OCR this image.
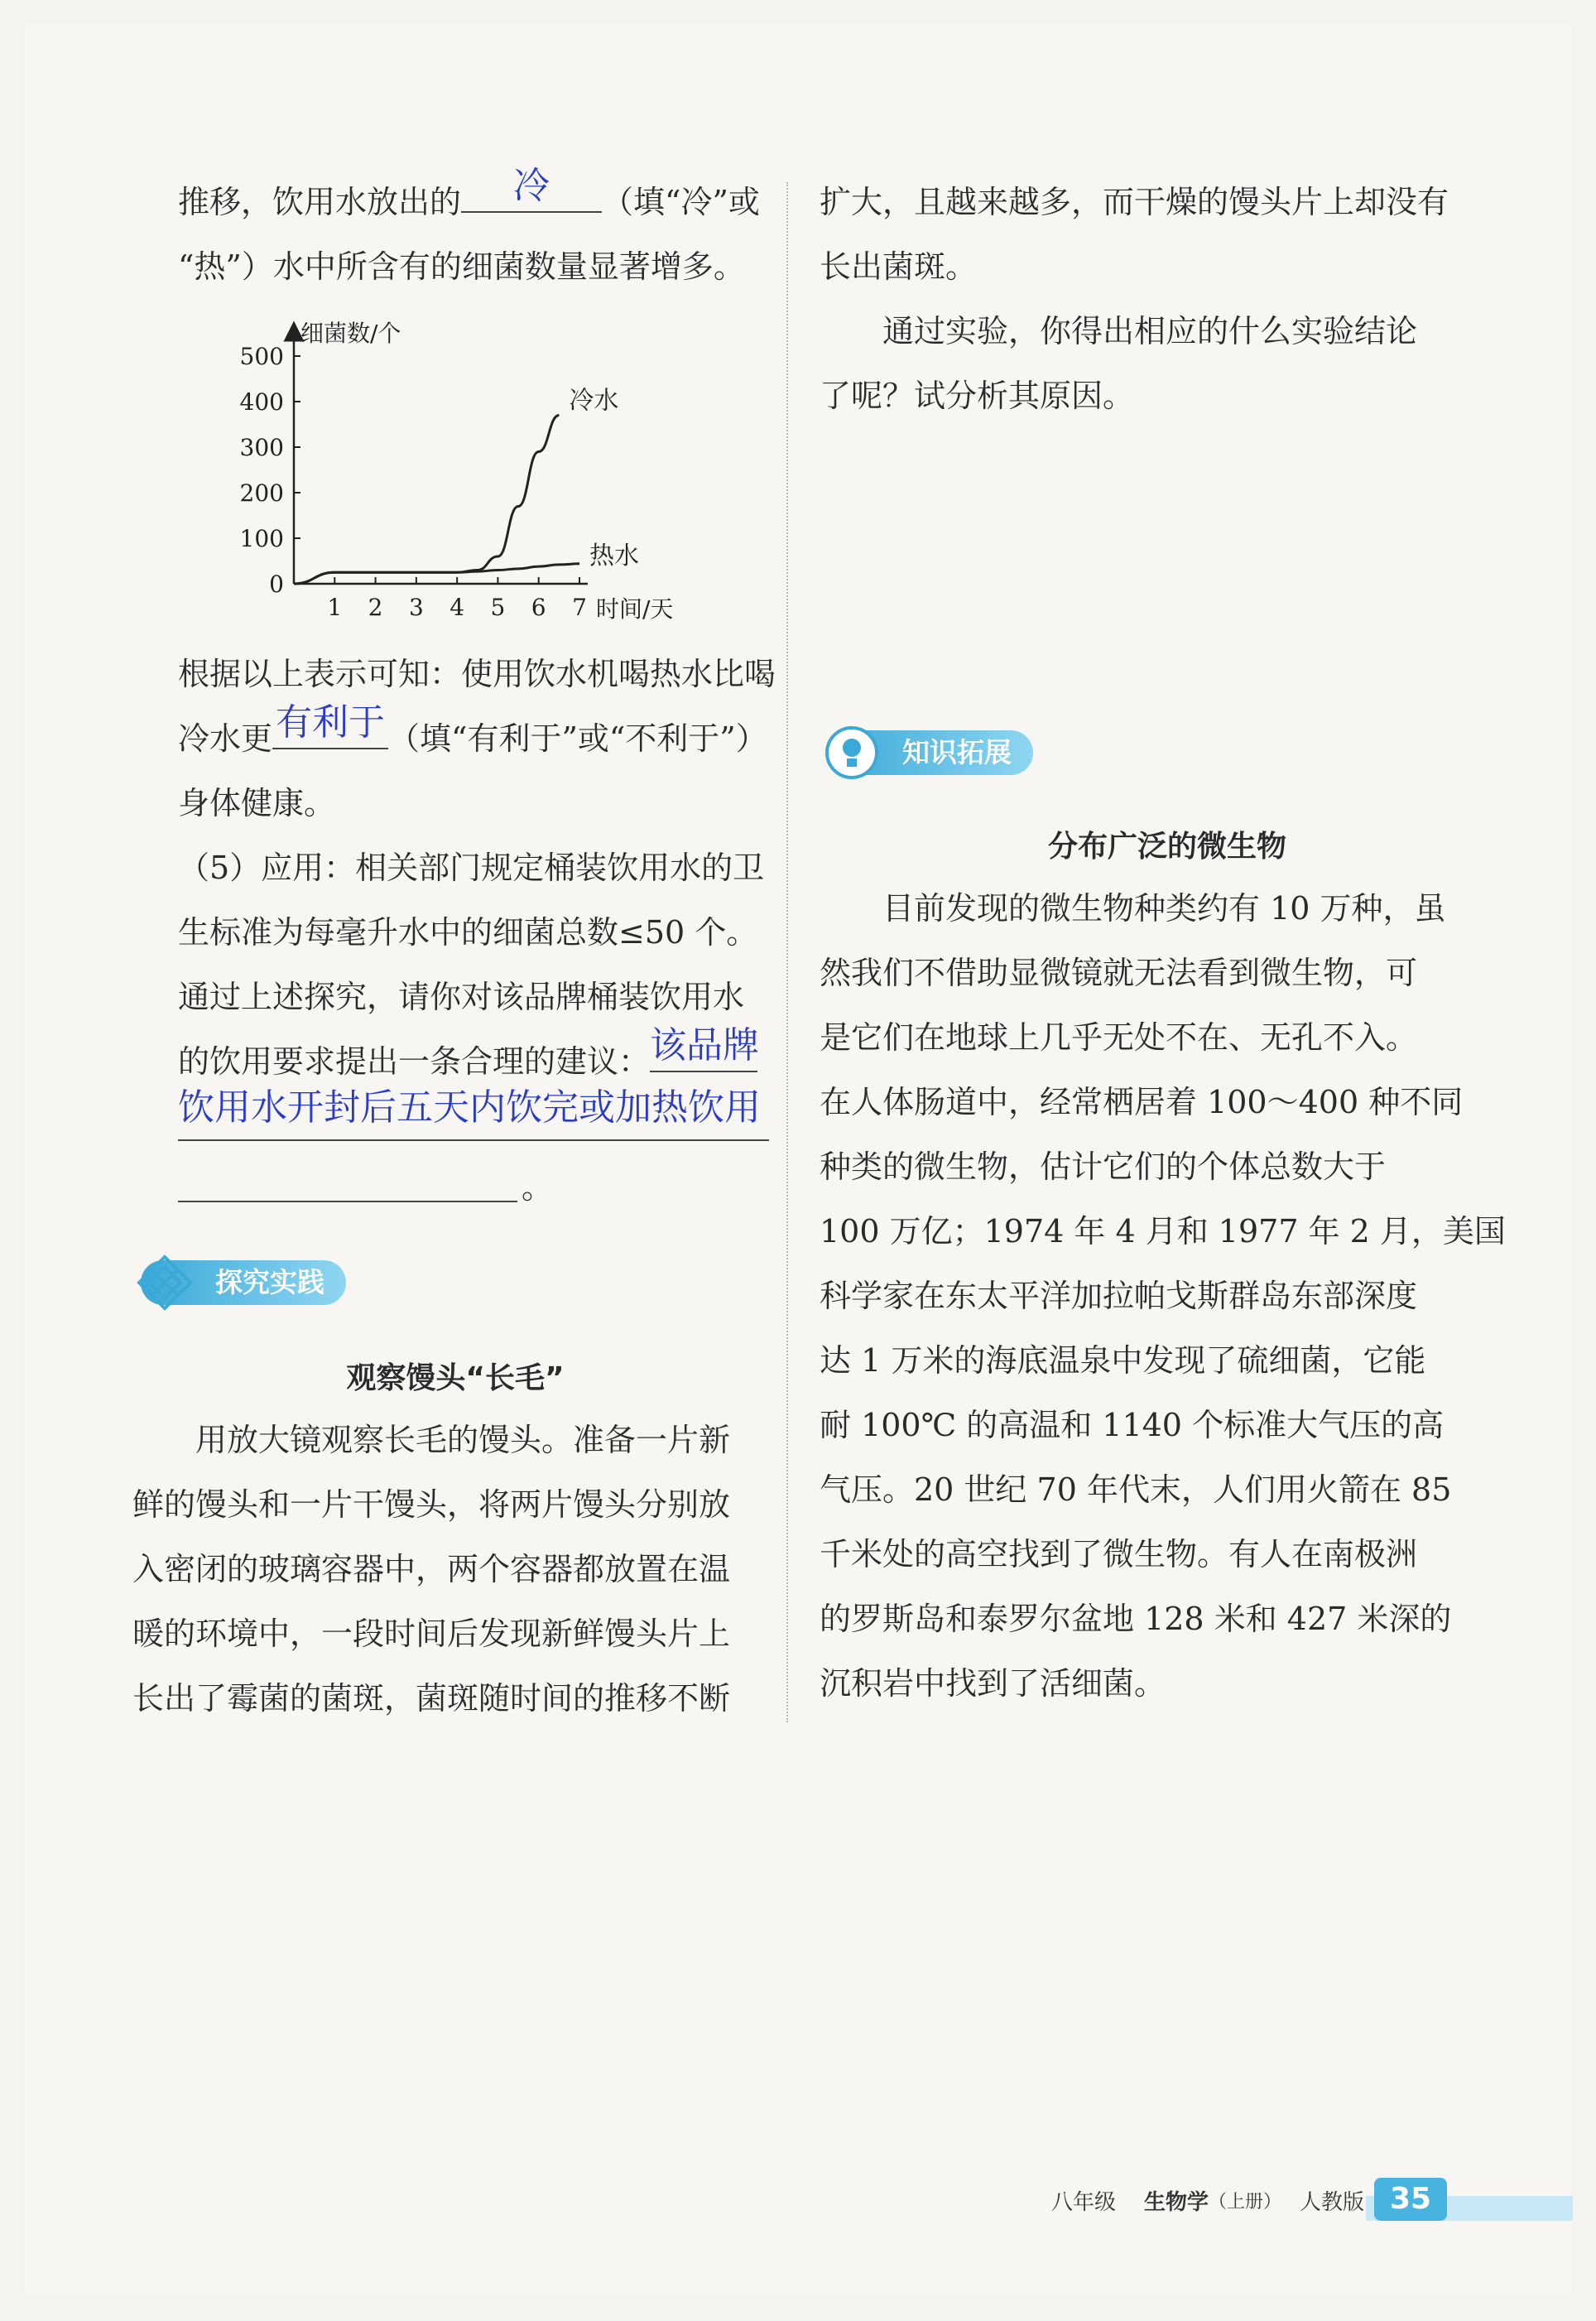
推移，饮用水放出的	冷	（填“冷”或

“热”）水中所含有的细菌数量显著增多。

0
100
200
300
400
500
1 2 3 4 5 6 7
细菌数/个
时间/天
冷水
热水

根据以上表示可知：使用饮水机喝热水比喝

冷水更 有利于 （填“有利于”或“不利于”）

身体健康。

（5）应用：相关部门规定桶装饮用水的卫

生标准为每毫升水中的细菌总数≤50 个。

通过上述探究，请你对该品牌桶装饮用水

的饮用要求提出一条合理的建议： 该品牌

饮用水开封后五天内饮完或加热饮用

。

探究实践
观察馒头“长毛”

　　用放大镜观察长毛的馒头。准备一片新

鲜的馒头和一片干馒头，将两片馒头分别放

入密闭的玻璃容器中，两个容器都放置在温

暖的环境中，一段时间后发现新鲜馒头片上

长出了霉菌的菌斑，菌斑随时间的推移不断

扩大，且越来越多，而干燥的馒头片上却没有

长出菌斑。

　　通过实验，你得出相应的什么实验结论

了呢？试分析其原因。

知识拓展
分布广泛的微生物

　　目前发现的微生物种类约有 10 万种，虽

然我们不借助显微镜就无法看到微生物，可

是它们在地球上几乎无处不在、无孔不入。

在人体肠道中，经常栖居着 100～400 种不同

种类的微生物，估计它们的个体总数大于

100 万亿；1974 年 4 月和 1977 年 2 月，美国

科学家在东太平洋加拉帕戈斯群岛东部深度

达 1 万米的海底温泉中发现了硫细菌，它能

耐 100℃ 的高温和 1140 个标准大气压的高

气压。20 世纪 70 年代末，人们用火箭在 85

千米处的高空找到了微生物。有人在南极洲

的罗斯岛和泰罗尔盆地 128 米和 427 米深的

沉积岩中找到了活细菌。

八年级 生物学 （上册） 人教版 35
